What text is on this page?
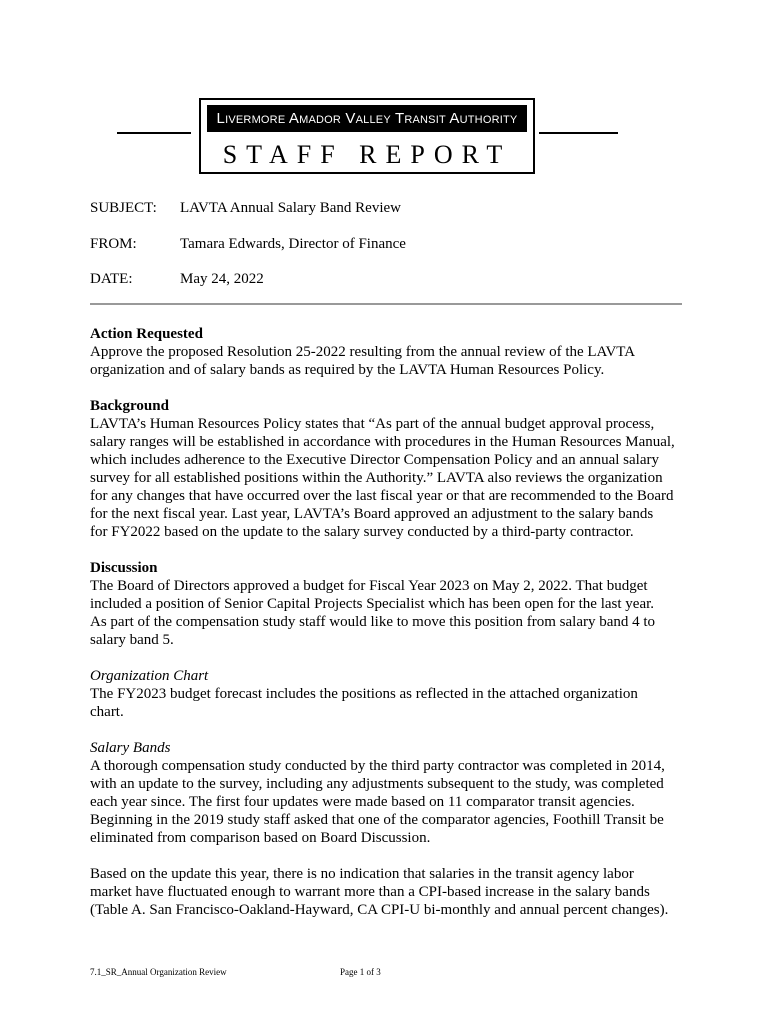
Livermore Amador Valley Transit Authority
STAFF REPORT
SUBJECT: LAVTA Annual Salary Band Review
FROM:	Tamara Edwards, Director of Finance
DATE:	May 24, 2022
Action Requested
Approve the proposed Resolution 25-2022 resulting from the annual review of the LAVTA
organization and of salary bands as required by the LAVTA Human Resources Policy.
Background
LAVTA’s Human Resources Policy states that “As part of the annual budget approval process,
salary ranges will be established in accordance with procedures in the Human Resources Manual,
which includes adherence to the Executive Director Compensation Policy and an annual salary
survey for all established positions within the Authority.” LAVTA also reviews the organization
for any changes that have occurred over the last fiscal year or that are recommended to the Board
for the next fiscal year. Last year, LAVTA’s Board approved an adjustment to the salary bands
for FY2022 based on the update to the salary survey conducted by a third-party contractor.
Discussion
The Board of Directors approved a budget for Fiscal Year 2023 on May 2, 2022. That budget
included a position of Senior Capital Projects Specialist which has been open for the last year.
As part of the compensation study staff would like to move this position from salary band 4 to
salary band 5.
Organization Chart
The FY2023 budget forecast includes the positions as reflected in the attached organization
chart.
Salary Bands
A thorough compensation study conducted by the third party contractor was completed in 2014,
with an update to the survey, including any adjustments subsequent to the study, was completed
each year since. The first four updates were made based on 11 comparator transit agencies.
Beginning in the 2019 study staff asked that one of the comparator agencies, Foothill Transit be
eliminated from comparison based on Board Discussion.
Based on the update this year, there is no indication that salaries in the transit agency labor
market have fluctuated enough to warrant more than a CPI-based increase in the salary bands
(Table A. San Francisco-Oakland-Hayward, CA CPI-U bi-monthly and annual percent changes).
7.1_SR_Annual Organization Review	Page 1 of 3
